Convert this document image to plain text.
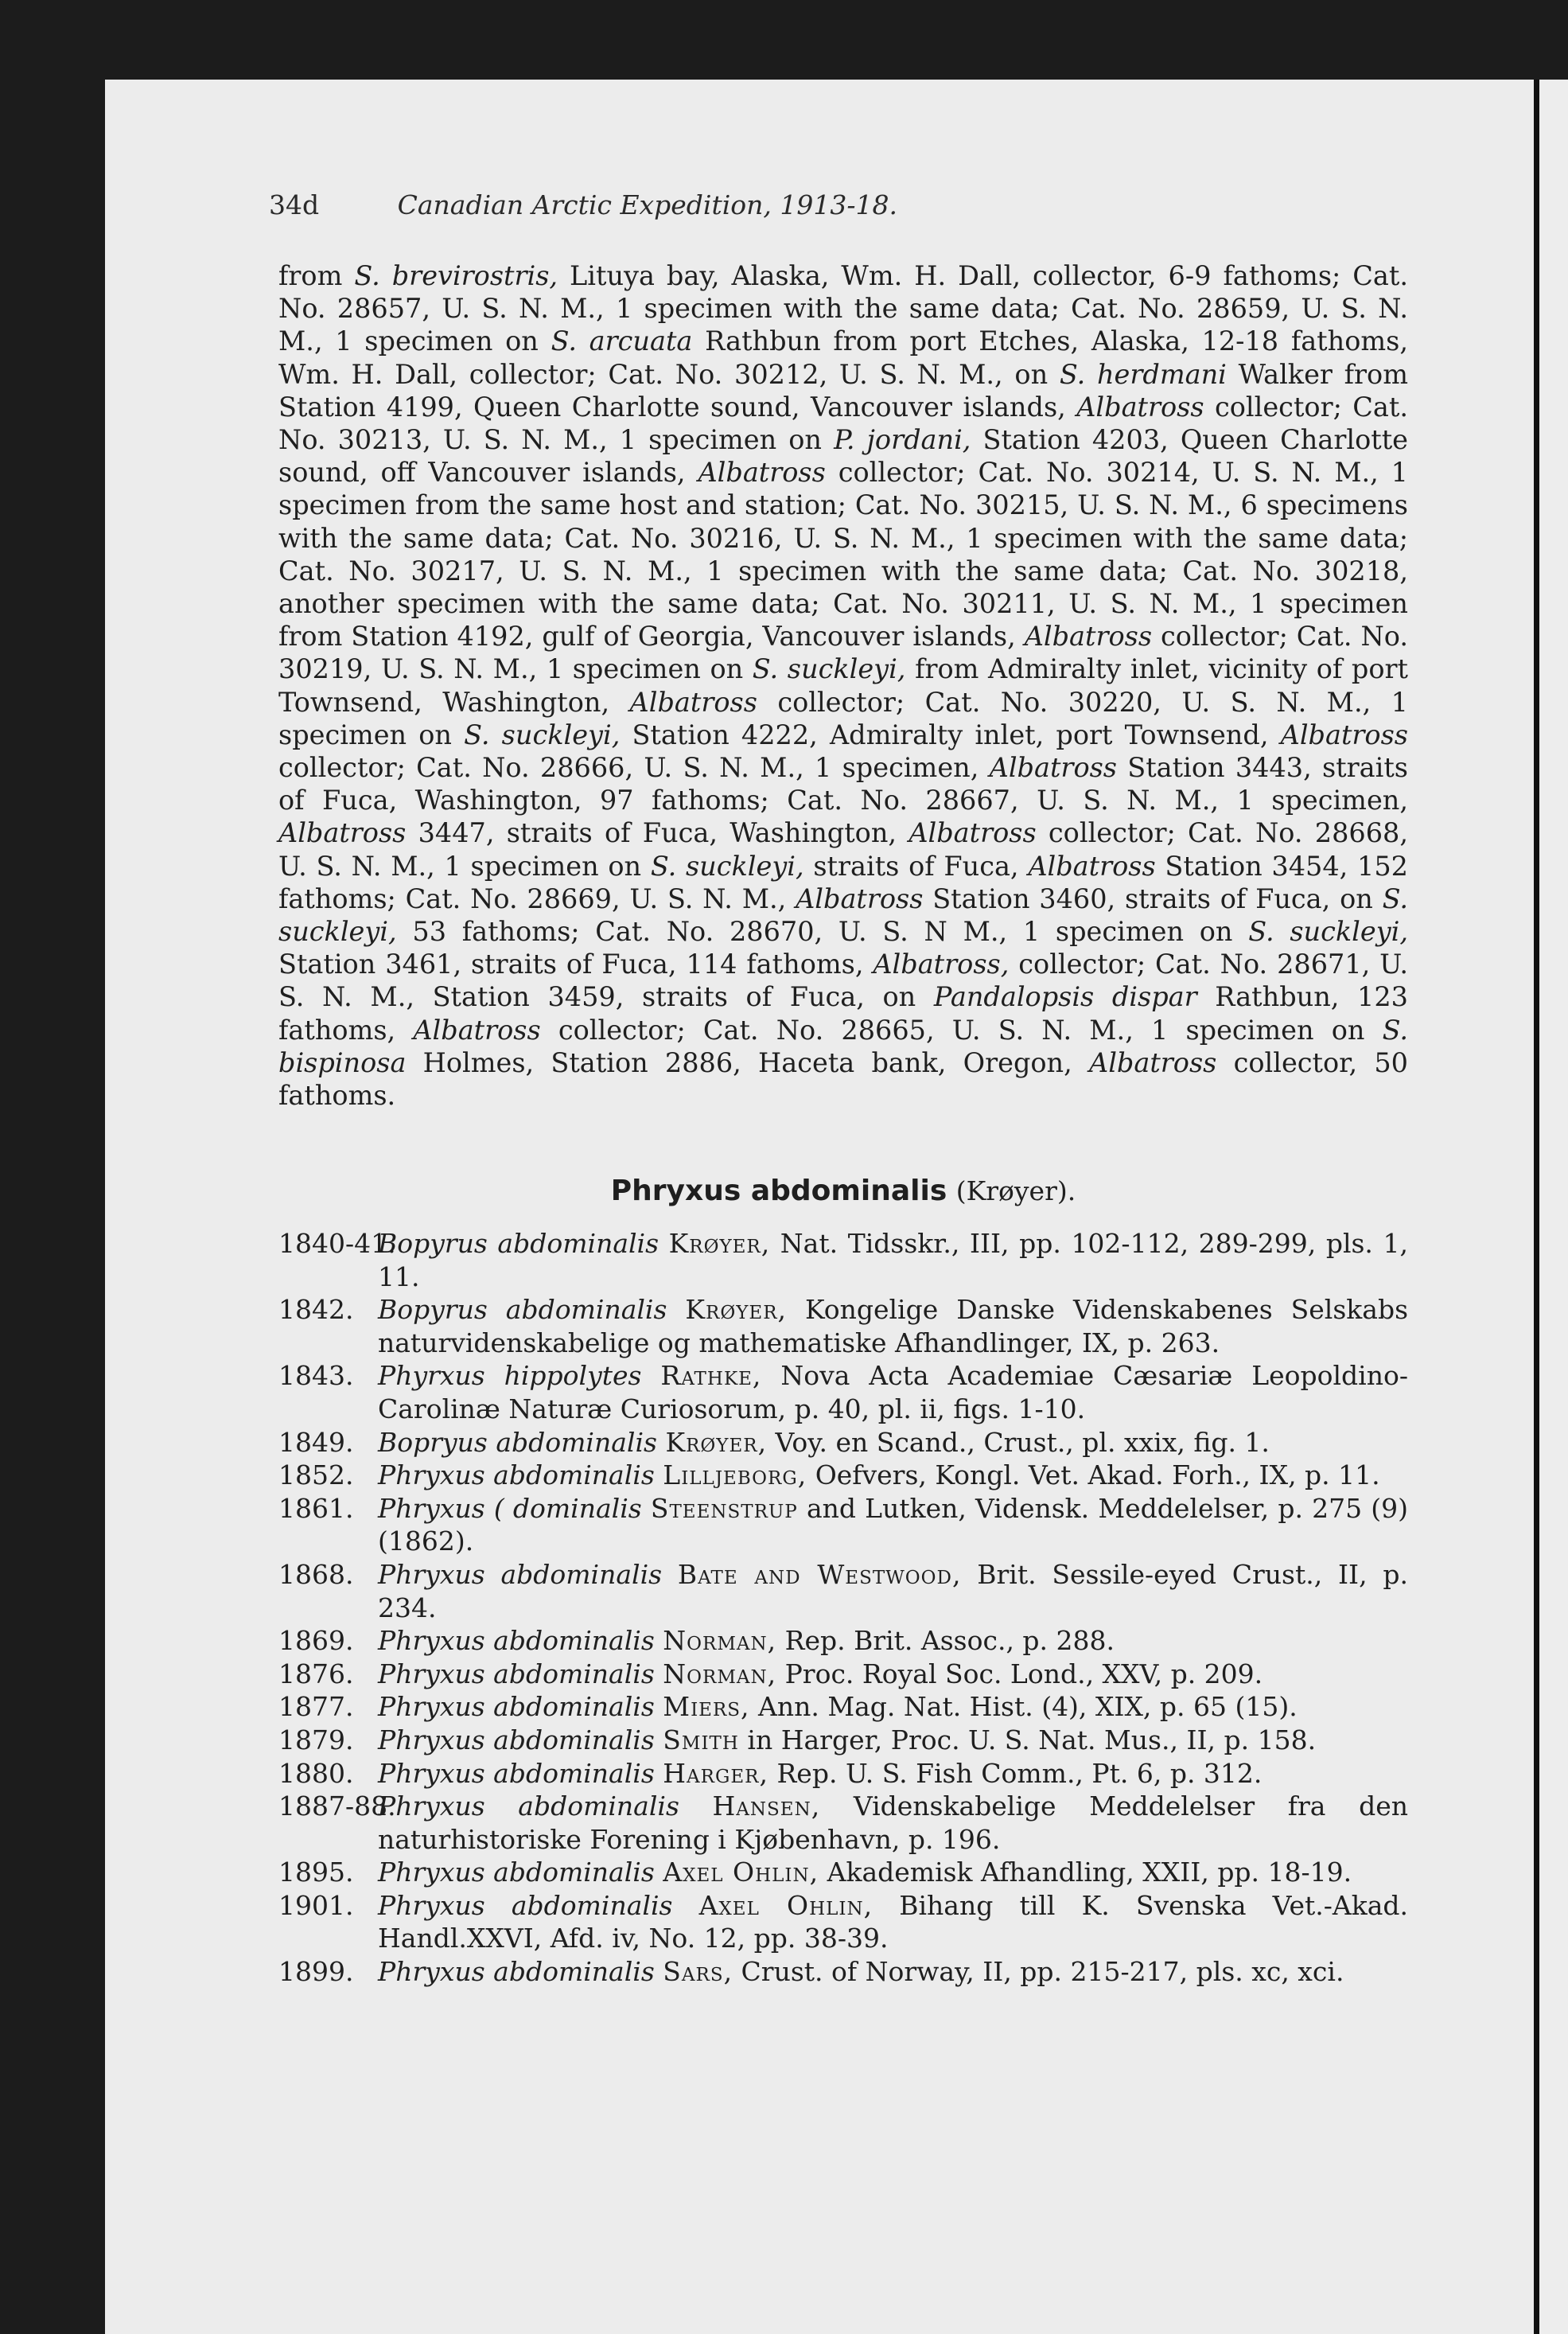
34d	Canadian Arctic Expedition, 1913-18.

from S. brevirostris, Lituya bay, Alaska, Wm. H. Dall, collector, 6-9 fathoms; Cat. No. 28657, U. S. N. M., 1 specimen with the same data; Cat. No. 28659, U. S. N. M., 1 specimen on S. arcuata Rathbun from port Etches, Alaska, 12-18 fathoms, Wm. H. Dall, collector; Cat. No. 30212, U. S. N. M., on S. herdmani Walker from Station 4199, Queen Charlotte sound, Vancouver islands, Albatross collector; Cat. No. 30213, U. S. N. M., 1 specimen on P. jordani, Station 4203, Queen Charlotte sound, off Vancouver islands, Albatross collector; Cat. No. 30214, U. S. N. M., 1 specimen from the same host and station; Cat. No. 30215, U. S. N. M., 6 specimens with the same data; Cat. No. 30216, U. S. N. M., 1 specimen with the same data; Cat. No. 30217, U. S. N. M., 1 specimen with the same data; Cat. No. 30218, another specimen with the same data; Cat. No. 30211, U. S. N. M., 1 specimen from Station 4192, gulf of Georgia, Vancouver islands, Albatross collector; Cat. No. 30219, U. S. N. M., 1 specimen on S. suckleyi, from Admiralty inlet, vicinity of port Townsend, Washington, Albatross collector; Cat. No. 30220, U. S. N. M., 1 specimen on S. suckleyi, Station 4222, Admiralty inlet, port Townsend, Albatross collector; Cat. No. 28666, U. S. N. M., 1 specimen, Albatross Station 3443, straits of Fuca, Washington, 97 fathoms; Cat. No. 28667, U. S. N. M., 1 specimen, Albatross 3447, straits of Fuca, Washington, Albatross collector; Cat. No. 28668, U. S. N. M., 1 specimen on S. suckleyi, straits of Fuca, Albatross Station 3454, 152 fathoms; Cat. No. 28669, U. S. N. M., Albatross Station 3460, straits of Fuca, on S. suckleyi, 53 fathoms; Cat. No. 28670, U. S. N M., 1 specimen on S. suckleyi, Station 3461, straits of Fuca, 114 fathoms, Albatross, collector; Cat. No. 28671, U. S. N. M., Station 3459, straits of Fuca, on Pandalopsis dispar Rathbun, 123 fathoms, Albatross collector; Cat. No. 28665, U. S. N. M., 1 specimen on S. bispinosa Holmes, Station 2886, Haceta bank, Oregon, Albatross collector, 50 fathoms.

Phryxus abdominalis (Krøyer).
1840-41.
Bopyrus abdominalis Krøyer, Nat. Tidsskr., III, pp. 102-112, 289-299, pls. 1, 11.
1842. Bopyrus abdominalis Krøyer, Kongelige Danske Videnskabenes Selskabs naturvidenskabelige og mathematiske Afhandlinger, IX, p. 263.
1843. Phyrxus hippolytes Rathke, Nova Acta Academiae Cæsariæ Leopoldino-Carolinæ Naturæ Curiosorum, p. 40, pl. ii, figs. 1-10.
1849. Bopryus abdominalis Krøyer, Voy. en Scand., Crust., pl. xxix, fig. 1.
1852. Phryxus abdominalis Lilljeborg, Oefvers, Kongl. Vet. Akad. Forh., IX, p. 11.
1861. Phryxus ( dominalis Steenstrup and Lutken, Vidensk. Meddelelser, p. 275 (9) (1862).
1868. Phryxus abdominalis Bate and Westwood, Brit. Sessile-eyed Crust., II, p. 234.
1869. Phryxus abdominalis Norman, Rep. Brit. Assoc., p. 288.
1876. Phryxus abdominalis Norman, Proc. Royal Soc. Lond., XXV, p. 209.
1877. Phryxus abdominalis Miers, Ann. Mag. Nat. Hist. (4), XIX, p. 65 (15).
1879. Phryxus abdominalis Smith in Harger, Proc. U. S. Nat. Mus., II, p. 158.
1880. Phryxus abdominalis Harger, Rep. U. S. Fish Comm., Pt. 6, p. 312.
1887-88.
Phryxus abdominalis Hansen, Videnskabelige Meddelelser fra den naturhistoriske Forening i Kjøbenhavn, p. 196.
1895. Phryxus abdominalis Axel Ohlin, Akademisk Afhandling, XXII, pp. 18-19.
1901. Phryxus abdominalis Axel Ohlin, Bihang till K. Svenska Vet.-Akad. Handl.XXVI, Afd. iv, No. 12, pp. 38-39.
1899. Phryxus abdominalis Sars, Crust. of Norway, II, pp. 215-217, pls. xc, xci.
